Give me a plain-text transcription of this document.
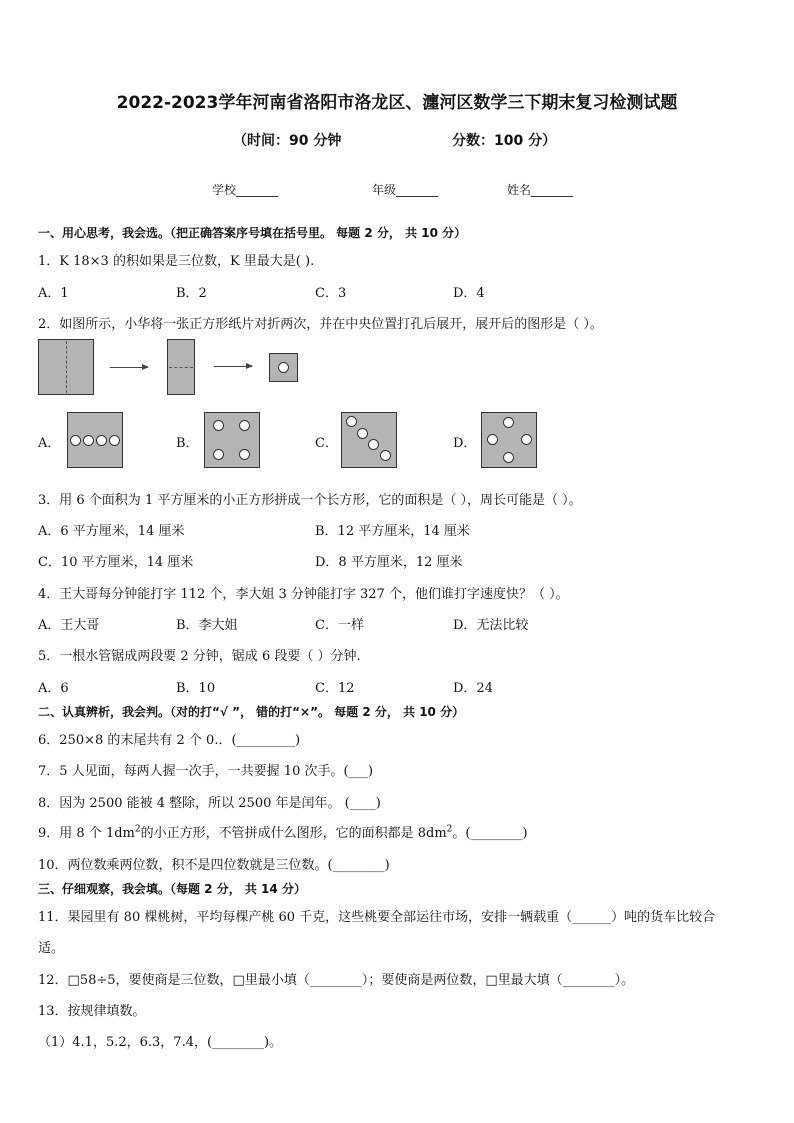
2022-2023学年河南省洛阳市洛龙区、瀍河区数学三下期末复习检测试题
（时间：90 分钟	分数：100 分）
学校_______	年级_______	姓名_______
一、用心思考，我会选。（把正确答案序号填在括号里。 每题 2 分， 共 10 分）
1．K 18×3 的积如果是三位数，K 里最大是( ).
A．1	B．2	C．3	D．4
2．如图所示，小华将一张正方形纸片对折两次，并在中央位置打孔后展开，展开后的图形是（ ）。
A．	B．	C．	D．
3．用 6 个面积为 1 平方厘米的小正方形拼成一个长方形，它的面积是（ ），周长可能是（ ）。
A．6 平方厘米，14 厘米	B．12 平方厘米，14 厘米
C．10 平方厘米，14 厘米	D．8 平方厘米，12 厘米
4．王大哥每分钟能打字 112 个，李大姐 3 分钟能打字 327 个，他们谁打字速度快？（ ）。
A．王大哥	B．李大姐	C．一样	D．无法比较
5．一根水管锯成两段要 2 分钟，锯成 6 段要（ ）分钟.
A．6	B．10	C．12	D．24
二、认真辨析，我会判。（对的打“√ ”， 错的打“×”。 每题 2 分， 共 10 分）
6．250×8 的末尾共有 2 个 0.．(_________)
7．5 人见面，每两人握一次手，一共要握 10 次手。(___)
8．因为 2500 能被 4 整除，所以 2500 年是闰年。 (____)
9．用 8 个 $1dm^2$的小正方形，不管拼成什么图形，它的面积都是 $8dm^2$。(________)
10．两位数乘两位数，积不是四位数就是三位数。(________)
三、仔细观察，我会填。（每题 2 分， 共 14 分）
11．果园里有 80 棵桃树，平均每棵产桃 60 千克，这些桃要全部运往市场，安排一辆载重（______）吨的货车比较合
适。
12．□58÷5，要使商是三位数，□里最小填（________）；要使商是两位数，□里最大填（________）。
13．按规律填数。
（1）4.1，5.2，6.3，7.4，(________)。
